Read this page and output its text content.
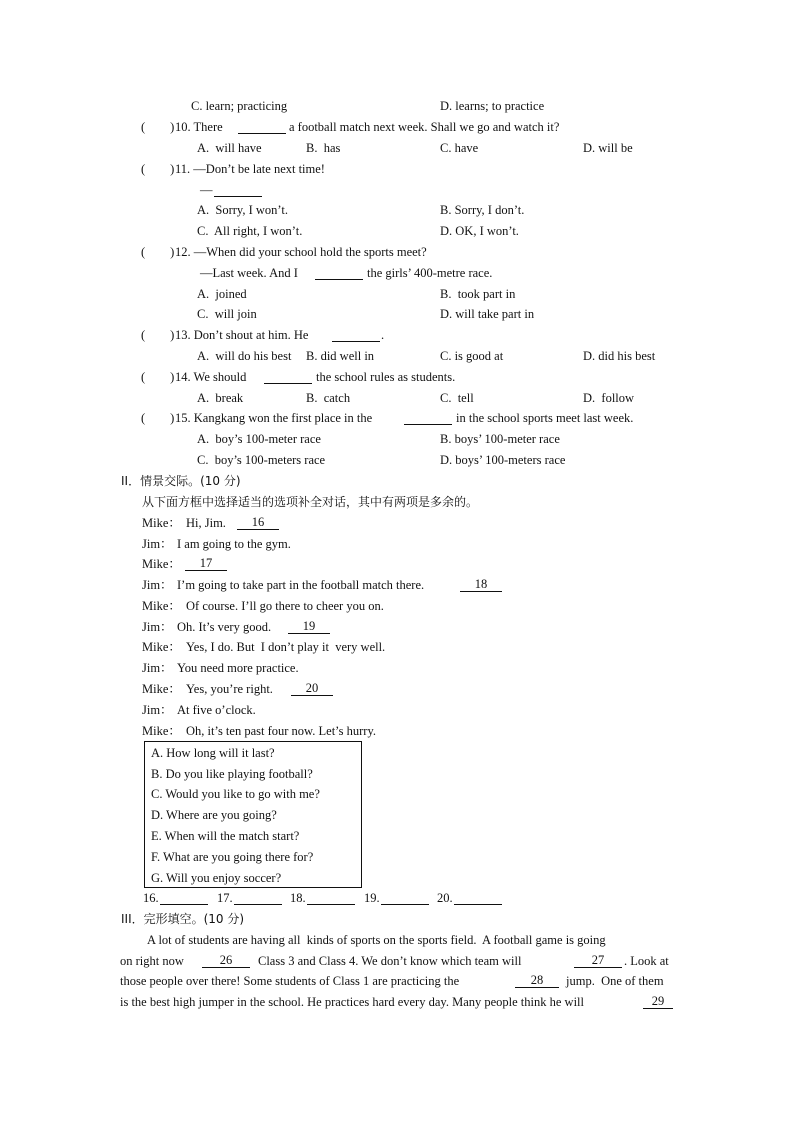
C. learn; practicing	D. learns; to practice
(        ) 10. There	a football match next week. Shall we go and watch it?
A.  will have	B.  has	C. have	D. will be
(        ) 11. —Don’t be late next time!
—
A.  Sorry, I won’t.	B. Sorry, I don’t.
C.  All right, I won’t.	D. OK, I won’t.
(        ) 12. —When did your school hold the sports meet?
—Last week. And I	the girls’ 400-metre race.
A.  joined	B.  took part in
C.  will join	D. will take part in
(        ) 13. Don’t shout at him. He	.
A.  will do his best B. did well in	C. is good at	D. did his best
(        ) 14. We should	the school rules as students.
A.  break	B.  catch	C.  tell	D.  follow
(        ) 15. Kangkang won the first place in the	in the school sports meet last week.
A.  boy’s 100-meter race	B. boys’ 100-meter race
C.  boy’s 100-meters race	D. boys’ 100-meters race
II．情景交际。(10 分)
从下面方框中选择适当的选项补全对话，其中有两项是多余的。
Mike： Hi, Jim.	16
Jim： I am going to the gym.
Mike：	17
Jim： I’m going to take part in the football match there.	18
Mike： Of course. I’ll go there to cheer you on.
Jim： Oh. It’s very good.	19
Mike： Yes, I do. But  I don’t play it  very well.
Jim： You need more practice.
Mike： Yes, you’re right.	20
Jim： At five o’clock.
Mike： Oh, it’s ten past four now. Let’s hurry.
A. How long will it last?
B. Do you like playing football?
C. Would you like to go with me?
D. Where are you going?
E. When will the match start?
F. What are you going there for?
G. Will you enjoy soccer?
16.	17.	18.	19.	20.
III．完形填空。(10 分)
A lot of students are having all  kinds of sports on the sports field.  A football game is going
on right now	26	Class 3 and Class 4. We don’t know which team will	27	. Look at
those people over there! Some students of Class 1 are practicing the	28	jump.  One of them
is the best high jumper in the school. He practices hard every day. Many people think he will	29
